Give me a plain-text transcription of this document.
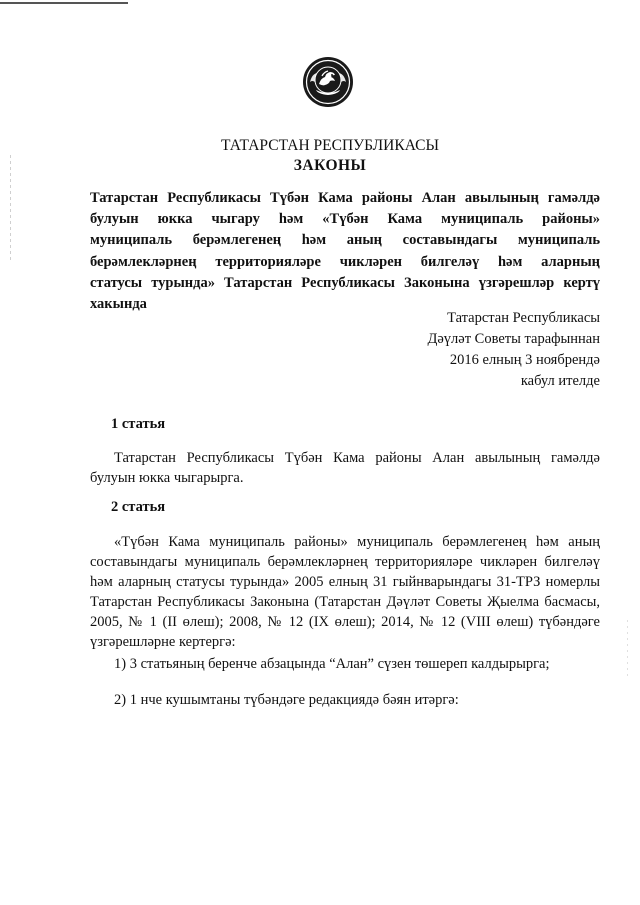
ТАТАРСТАН РЕСПУБЛИКАСЫ
ЗАКОНЫ
Татарстан Республикасы Түбән Кама районы Алан авылының гамәлдә
булуын юкка чыгару һәм «Түбән Кама муниципаль районы»
муниципаль берәмлегенең һәм аның составындагы муниципаль
берәмлекләрнең территорияләре чикләрен билгеләү һәм аларның
статусы турында» Татарстан Республикасы Законына үзгәрешләр кертү
хакында
Татарстан Республикасы
Дәүләт Советы тарафыннан
2016 елның 3 ноябрендә
кабул ителде
1 статья
Татарстан Республикасы Түбән Кама районы Алан авылының гамәлдә
булуын юкка чыгарырга.
2 статья
«Түбән Кама муниципаль районы» муниципаль берәмлегенең һәм аның
составындагы муниципаль берәмлекләрнең территорияләре чикләрен билгеләү
һәм аларның статусы турында» 2005 елның 31 гыйнварындагы 31-ТРЗ номерлы
Татарстан Республикасы Законына (Татарстан Дәүләт Советы Җыелма басмасы,
2005, № 1 (II өлеш); 2008, № 12 (IX өлеш); 2014, № 12 (VIII өлеш) түбәндәге
үзгәрешләрне кертергә:
1) 3 статьяның беренче абзацында “Алан” сүзен төшереп калдырырга;
2) 1 нче кушымтаны түбәндәге редакциядә бәян итәргә:
